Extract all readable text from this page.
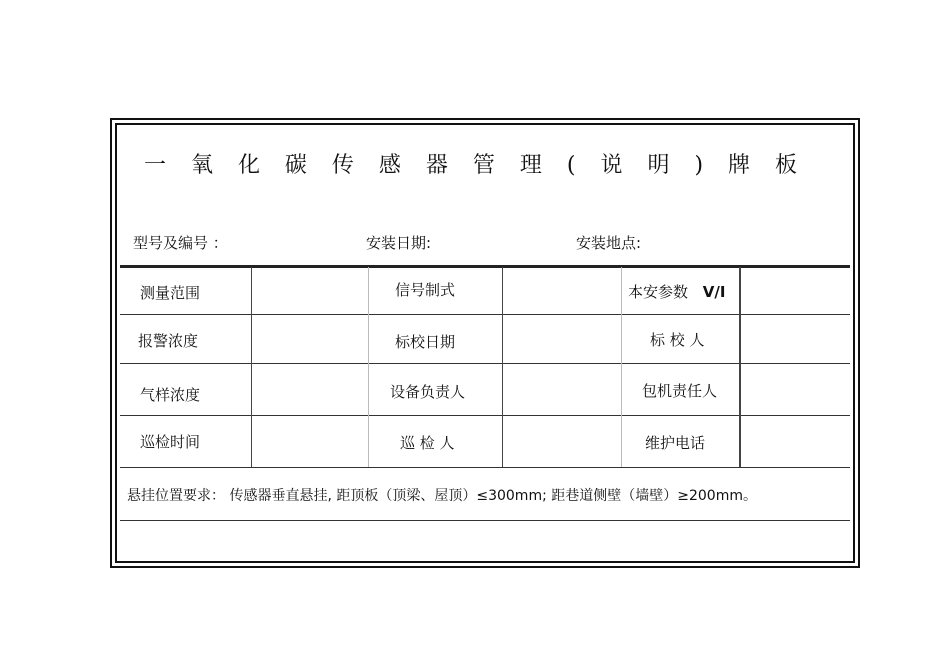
一 氧 化 碳 传 感 器 管 理 ( 说 明 ) 牌 板
型号及编号 ：	安装日期:	安装地点:
测量范围	信号制式	本安参数 V/I
报警浓度	标校日期	标 校 人
气样浓度	设备负责人	包机责任人
巡检时间	巡 检 人	维护电话
悬挂位置要求： 传感器垂直悬挂, 距顶板（顶梁、屋顶）≤300mm; 距巷道侧壁（墙壁）≥200mm。
